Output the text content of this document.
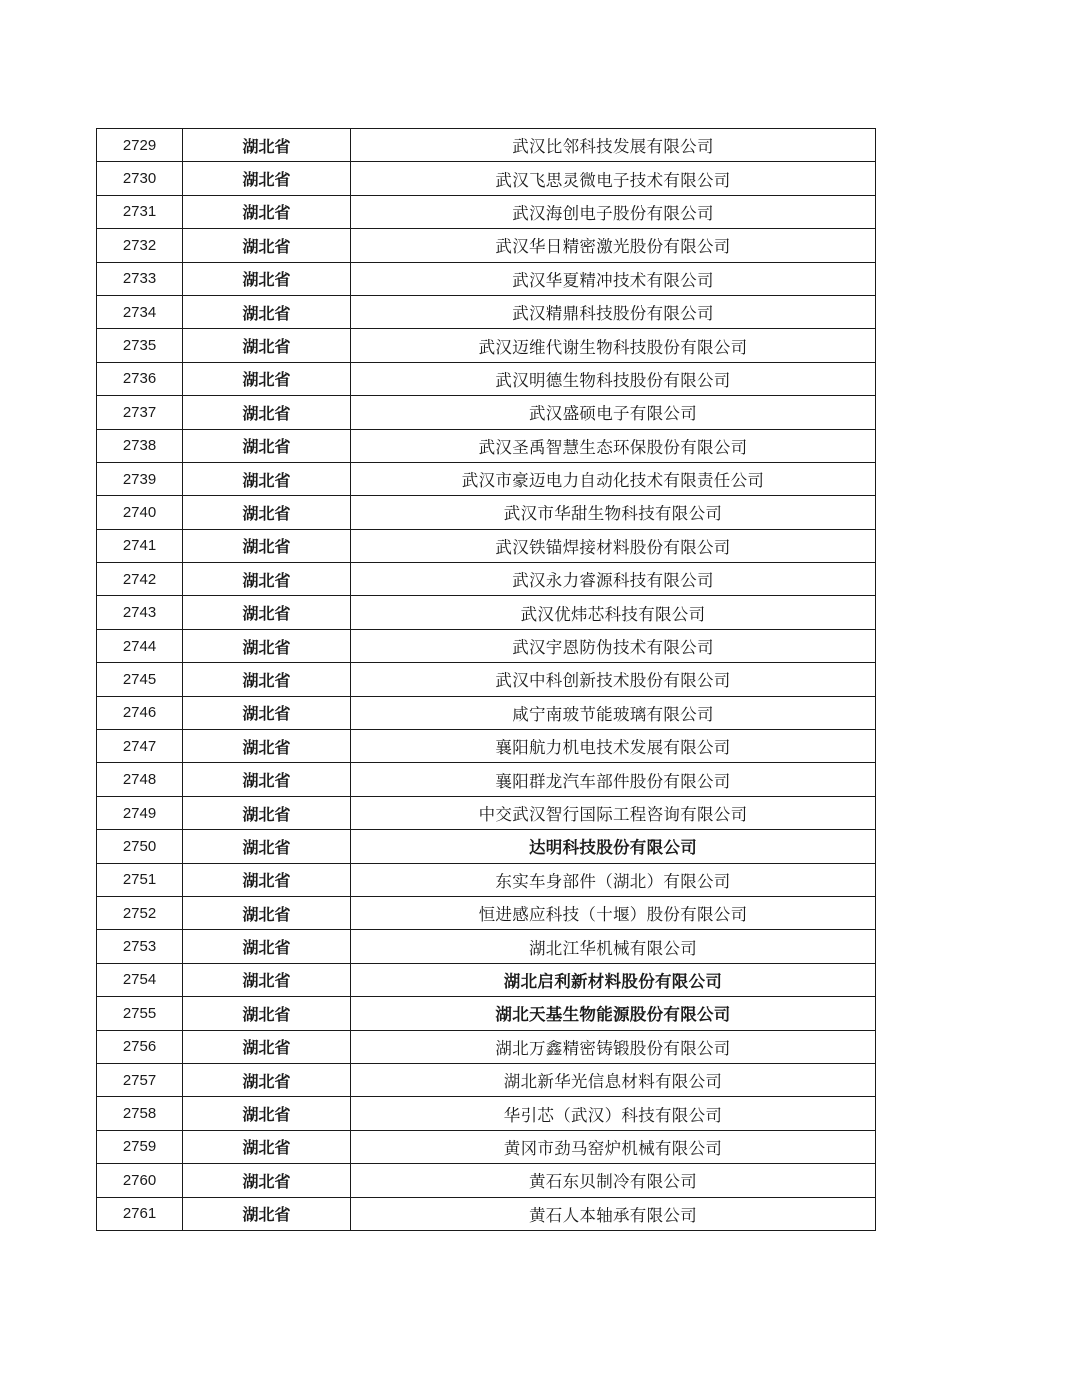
2729	湖北省	武汉比邻科技发展有限公司
2730	湖北省	武汉飞思灵微电子技术有限公司
2731	湖北省	武汉海创电子股份有限公司
2732	湖北省	武汉华日精密激光股份有限公司
2733	湖北省	武汉华夏精冲技术有限公司
2734	湖北省	武汉精鼎科技股份有限公司
2735	湖北省	武汉迈维代谢生物科技股份有限公司
2736	湖北省	武汉明德生物科技股份有限公司
2737	湖北省	武汉盛硕电子有限公司
2738	湖北省	武汉圣禹智慧生态环保股份有限公司
2739	湖北省	武汉市豪迈电力自动化技术有限责任公司
2740	湖北省	武汉市华甜生物科技有限公司
2741	湖北省	武汉铁锚焊接材料股份有限公司
2742	湖北省	武汉永力睿源科技有限公司
2743	湖北省	武汉优炜芯科技有限公司
2744	湖北省	武汉宇恩防伪技术有限公司
2745	湖北省	武汉中科创新技术股份有限公司
2746	湖北省	咸宁南玻节能玻璃有限公司
2747	湖北省	襄阳航力机电技术发展有限公司
2748	湖北省	襄阳群龙汽车部件股份有限公司
2749	湖北省	中交武汉智行国际工程咨询有限公司
2750	湖北省	达明科技股份有限公司
2751	湖北省	东实车身部件（湖北）有限公司
2752	湖北省	恒进感应科技（十堰）股份有限公司
2753	湖北省	湖北江华机械有限公司
2754	湖北省	湖北启利新材料股份有限公司
2755	湖北省	湖北天基生物能源股份有限公司
2756	湖北省	湖北万鑫精密铸锻股份有限公司
2757	湖北省	湖北新华光信息材料有限公司
2758	湖北省	华引芯（武汉）科技有限公司
2759	湖北省	黄冈市劲马窑炉机械有限公司
2760	湖北省	黄石东贝制冷有限公司
2761	湖北省	黄石人本轴承有限公司
